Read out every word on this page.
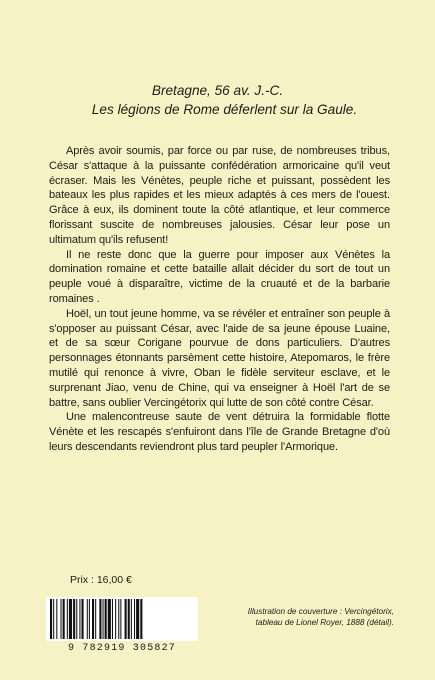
Bretagne, 56 av. J.-C.
Les légions de Rome déferlent sur la Gaule.

Après avoir soumis, par force ou par ruse, de nombreuses tribus, César s'attaque à la puissante confédération armoricaine qu'il veut écraser. Mais les Vénètes, peuple riche et puissant, possèdent les bateaux les plus rapides et les mieux adaptés à ces mers de l'ouest. Grâce à eux, ils dominent toute la côté atlantique, et leur commerce florissant suscite de nombreuses jalousies. César leur pose un ultimatum qu'ils refusent!

Il ne reste donc que la guerre pour imposer aux Vénètes la domination romaine et cette bataille allait décider du sort de tout un peuple voué à disparaître, victime de la cruauté et de la barbarie romaines .

Hoël, un tout jeune homme, va se révéler et entraîner son peuple à s'opposer au puissant César, avec l'aide de sa jeune épouse Luaine, et de sa sœur Corigane pourvue de dons particuliers. D'autres personnages étonnants parsèment cette histoire, Atepomaros, le frère mutilé qui renonce à vivre, Oban le fidèle serviteur esclave, et le surprenant Jiao, venu de Chine, qui va enseigner à Hoël l'art de se battre, sans oublier Vercingétorix qui lutte de son côté contre César.

Une malencontreuse saute de vent détruira la formidable flotte Vénète et les rescapés s'enfuiront dans l'île de Grande Bretagne d'où leurs descendants reviendront plus tard peupler l'Armorique.

Prix : 16,00 €
9 782919 305827
Illustration de couverture : Vercingétorix,
tableau de Lionel Royer, 1888 (détail).
